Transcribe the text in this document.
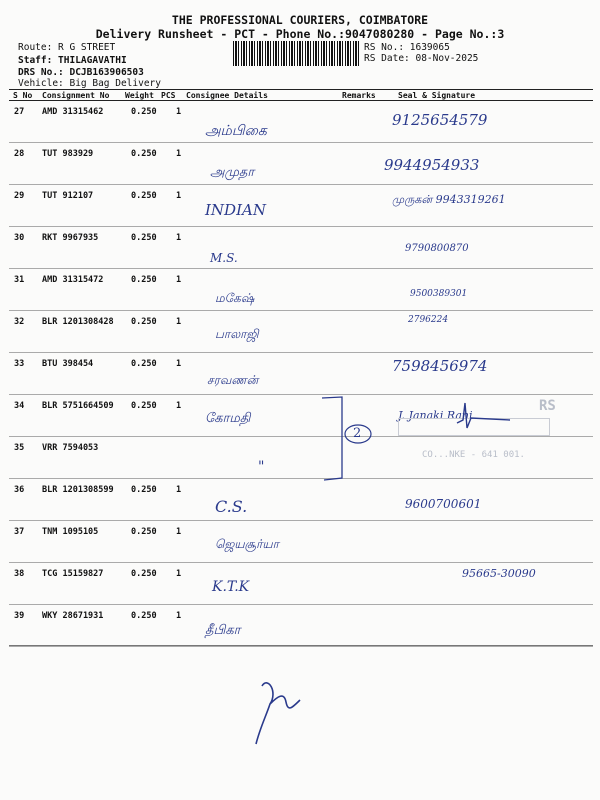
THE PROFESSIONAL COURIERS, COIMBATORE
Delivery Runsheet - PCT - Phone No.:9047080280 - Page No.:3
Route: R G STREET
Staff: THILAGAVATHI
DRS No.: DCJB163906503
Vehicle: Big Bag Delivery
RS No.: 1639065
RS Date: 08-Nov-2025
S No Consignment No Weight PCS Consignee Details	Remarks	Seal & Signature
27 AMD 31315462	0.250 1
அம்பிகை
9125654579
28 TUT 983929	0.250 1
அமுதா	9944954933
29 TUT 912107	0.250 1
INDIAN
முருகன் 9943319261
30 RKT 9967935	0.250 1
M.S.
9790800870
31 AMD 31315472	0.250 1
மகேஷ்	9500389301
32 BLR 1201308428 0.250 1
பாலாஜி
2796224
33 BTU 398454	0.250 1
சரவணன்
7598456974
34 BLR 5751664509 0.250 1
கோமதி	J. Janaki Rani
35 VRR 7594053
"
36 BLR 1201308599 0.250 1
C.S.	9600700601
37 TNM 1095105	0.250 1
ஜெயசூர்யா
38 TCG 15159827	0.250 1
K.T.K
95665-30090
39 WKY 28671931	0.250 1
தீபிகா
2
RS
CO...NKE - 641 001.
